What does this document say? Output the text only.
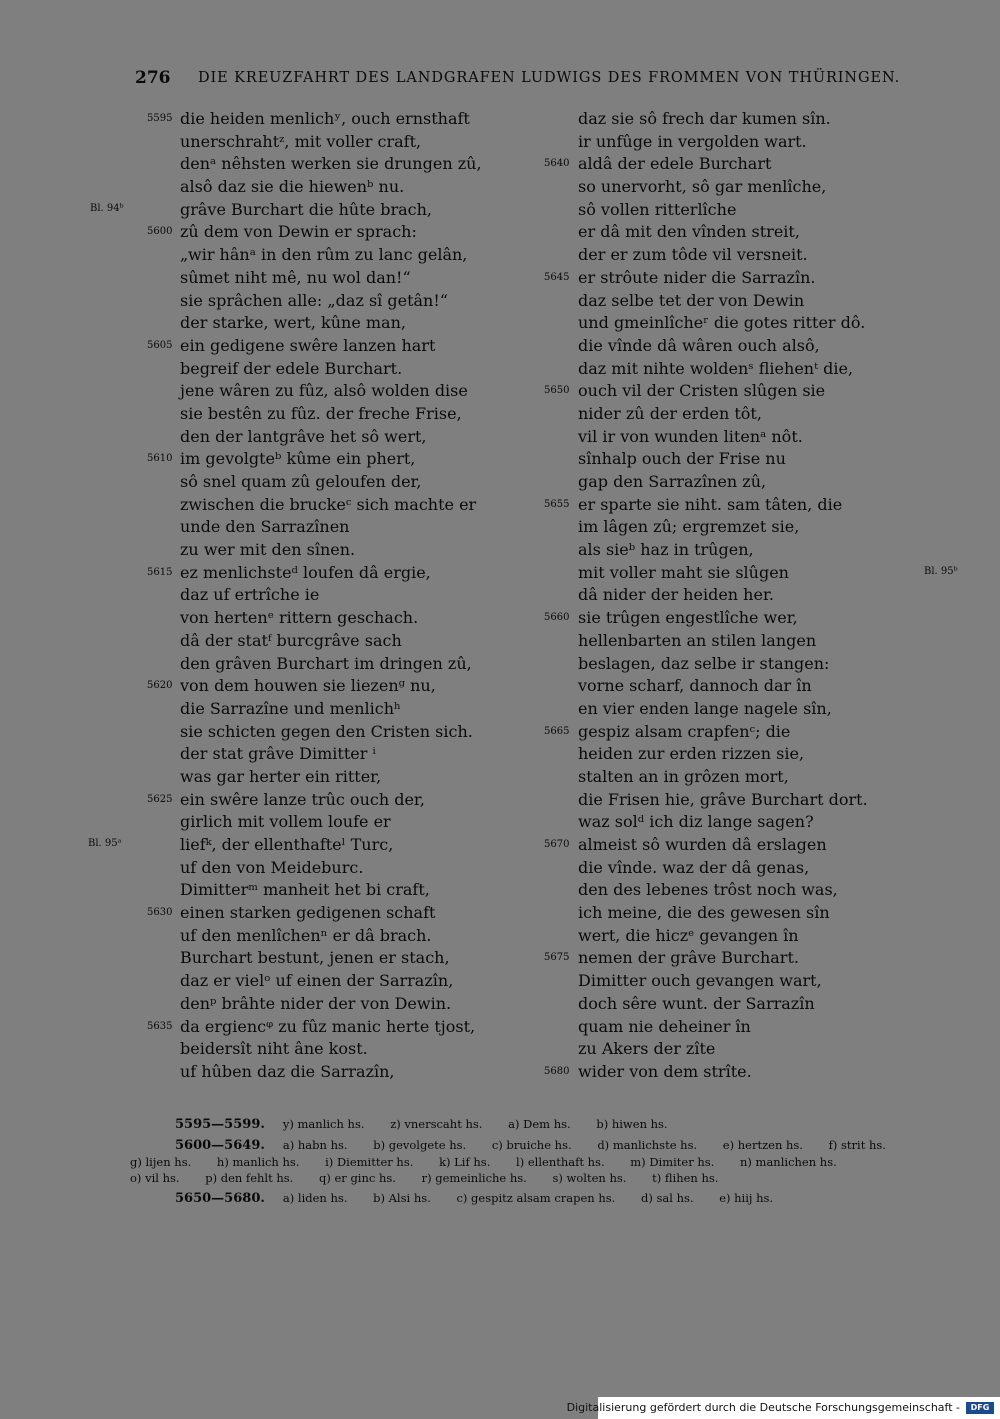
276 DIE KREUZFAHRT DES LANDGRAFEN LUDWIGS DES FROMMEN VON THÜRINGEN.
Bl. 94ᵇ
Bl. 95ᵇ
Bl. 95ᵃ
5595 die heiden menlichʸ, ouch ernsthaft
unerschrahtᶻ, mit voller craft,
denᵃ nêhsten werken sie drungen zû,
alsô daz sie die hiewenᵇ nu.
grâve Burchart die hûte brach,
5600 zû dem von Dewin er sprach:
„wir hânᵃ in den rûm zu lanc gelân,
sûmet niht mê, nu wol dan!“
sie sprâchen alle: „daz sî getân!“
der starke, wert, kûne man,
5605 ein gedigene swêre lanzen hart
begreif der edele Burchart.
jene wâren zu fûz, alsô wolden dise
sie bestên zu fûz. der freche Frise,
den der lantgrâve het sô wert,
5610 im gevolgteᵇ kûme ein phert,
sô snel quam zû geloufen der,
zwischen die bruckeᶜ sich machte er
unde den Sarrazînen
zu wer mit den sînen.
5615 ez menlichsteᵈ loufen dâ ergie,
daz uf ertrîche ie
von hertenᵉ rittern geschach.
dâ der statᶠ burcgrâve sach
den grâven Burchart im dringen zû,
5620 von dem houwen sie liezenᵍ nu,
die Sarrazîne und menlichʰ
sie schicten gegen den Cristen sich.
der stat grâve Dimitter ⁱ
was gar herter ein ritter,
5625 ein swêre lanze trûc ouch der,
girlich mit vollem loufe er
liefᵏ, der ellenthafteˡ Turc,
uf den von Meideburc.
Dimitterᵐ manheit het bi craft,
5630 einen starken gedigenen schaft
uf den menlîchenⁿ er dâ brach.
Burchart bestunt, jenen er stach,
daz er vielᵒ uf einen der Sarrazîn,
denᵖ brâhte nider der von Dewin.
5635 da ergiencᵠ zu fûz manic herte tjost,
beidersît niht âne kost.
uf hûben daz die Sarrazîn,
daz sie sô frech dar kumen sîn.
ir unfûge in vergolden wart.
5640 aldâ der edele Burchart
so unervorht, sô gar menlîche,
sô vollen ritterlîche
er dâ mit den vînden streit,
der er zum tôde vil versneit.
5645 er strôute nider die Sarrazîn.
daz selbe tet der von Dewin
und gmeinlîcheʳ die gotes ritter dô.
die vînde dâ wâren ouch alsô,
daz mit nihte woldenˢ fliehenᵗ die,
5650 ouch vil der Cristen slûgen sie
nider zû der erden tôt,
vil ir von wunden litenᵃ nôt.
sînhalp ouch der Frise nu
gap den Sarrazînen zû,
5655 er sparte sie niht. sam tâten, die
im lâgen zû; ergremzet sie,
als sieᵇ haz in trûgen,
mit voller maht sie slûgen
dâ nider der heiden her.
5660 sie trûgen engestlîche wer,
hellenbarten an stilen langen
beslagen, daz selbe ir stangen:
vorne scharf, dannoch dar în
en vier enden lange nagele sîn,
5665 gespiz alsam crapfenᶜ; die
heiden zur erden rizzen sie,
stalten an in grôzen mort,
die Frisen hie, grâve Burchart dort.
waz solᵈ ich diz lange sagen?
5670 almeist sô wurden dâ erslagen
die vînde. waz der dâ genas,
den des lebenes trôst noch was,
ich meine, die des gewesen sîn
wert, die hiczᵉ gevangen în
5675 nemen der grâve Burchart.
Dimitter ouch gevangen wart,
doch sêre wunt. der Sarrazîn
quam nie deheiner în
zu Akers der zîte
5680 wider von dem strîte.
5595—5599. y) manlich hs. z) vnerscaht hs. a) Dem hs. b) hiwen hs.
5600—5649. a) habn hs. b) gevolgete hs. c) bruiche hs. d) manlichste hs. e) hertzen hs. f) strit hs. g) lijen hs. h) manlich hs. i) Diemitter hs. k) Lif hs. l) ellenthaft hs. m) Dimiter hs. n) manlichen hs. o) vil hs. p) den fehlt hs. q) er ginc hs. r) gemeinliche hs. s) wolten hs. t) flihen hs.
5650—5680. a) liden hs. b) Alsi hs. c) gespitz alsam crapen hs. d) sal hs. e) hiij hs.
Digitalisierung gefördert durch die Deutsche Forschungsgemeinschaft -	DFG
